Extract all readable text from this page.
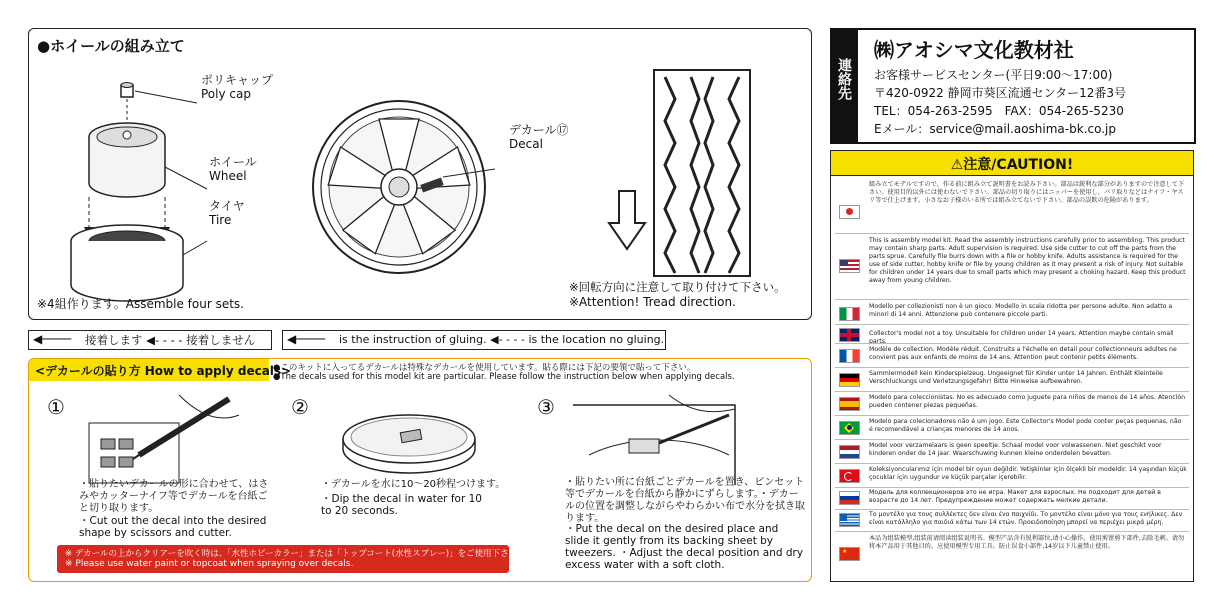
●ホイールの組み立て
ポリキャップ
Poly cap
ホイール
Wheel
タイヤ
Tire
デカール⑰
Decal
※4組作ります。Assemble four sets.
※回転方向に注意して取り付けて下さい。
※Attention! Tread direction.
◀──── 接着します ◀- - - - 接着しません	◀──── is the instruction of gluing. ◀- - - - is the location no gluing.
<デカールの貼り方 How to apply decals>
●このキットに入ってるデカールは特殊なデカールを使用しています。貼る際には下記の要領で貼って下さい。
●The decals used for this model kit are particular. Please follow the instruction below when applying decals.
①
・貼りたいデカールの形に合わせて、はさみやカッターナイフ等でデカールを台紙ごと切り取ります。
・Cut out the decal into the desired shape by scissors and cutter.
②
・デカールを水に10〜20秒程つけます。
・Dip the decal in water for 10 to 20 seconds.
③
・貼りたい所に台紙ごとデカールを置き、ピンセット等でデカールを台紙から静かにずらします。・デカールの位置を調整しながらやわらかい布で水分を拭き取ります。
・Put the decal on the desired place and slide it gently from its backing sheet by tweezers. ・Adjust the decal position and dry excess water with a soft cloth.
※ デカールの上からクリアーを吹く時は、「水性ホビーカラー」または「トップコート(水性スプレー)」をご使用下さい。
※ Please use water paint or topcoat when spraying over decals.
連絡先
㈱アオシマ文化教材社
お客様サービスセンター(平日9:00〜17:00)
〒420-0922 静岡市葵区流通センター12番3号
TEL：054-263-2595　FAX：054-265-5230
Eメール：service@mail.aoshima-bk.co.jp
⚠注意/CAUTION!
組み立てモデルですので、作る前に組み立て説明書をお読み下さい。部品は鋭利な部分がありますので注意して下さい。使用目的以外には使わないで下さい。部品の切り取りにはニッパーを使用し、パリ取りなどはナイフ・ヤスリ等で仕上げます。小さなお子様のいる所では組み立てないで下さい。部品の誤飲の危険があります。
This is assembly model kit. Read the assembly instructions carefully prior to assembling. This product may contain sharp parts. Adult supervision is required. Use side cutter to cut off the parts from the parts sprue. Carefully file burrs down with a file or hobby knife. Adults assistance is required for the use of side cutter, hobby knife or file by young children as it may present a risk of injury. Not suitable for children under 14 years due to small parts which may present a choking hazard. Keep this product away from young children.
Modello per collezionisti non è un gioco. Modello in scala ridotta per persone adulte. Non adatto a minori di 14 anni. Attenzione può contenere piccole parti.
Collector's model not a toy. Unsuitable for children under 14 years. Attention maybe contain small parts.
Modèle de collection. Modèle réduit. Construits a l'échelle en detail pour collectionneurs adultes ne convient pas aux enfants de moins de 14 ans. Attention peut contenir petits éléments.
Sammlermodell kein Kinderspielzeug. Ungeeignet für Kinder unter 14 Jahren. Enthält Kleinteile Verschluckungs und Verletzungsgefahr! Bitte Hinweise aufbewahren.
Modelo para coleccionistas. No es adecuado como juguete para niños de menos de 14 años. Atención pueden contener piezas pequeñas.
Modelo para colecionadores não é um jogo. Este Collector's Model pode conter peças pequenas, não é recomendável a crianças menores de 14 anos.
Model voor verzamelaars is geen speeltje. Schaal model voor volwassenen. Niet geschikt voor kinderen onder de 14 jaar. Waarschuwing kunnen kleine onderdelen bevatten.
Koleksiyoncularımız için model bir oyun değildir. Yetişkinler için ölçekli bir modeldir. 14 yaşından küçük çocuklar için uygundur ve küçük parçalar içerebilir.
Модель для коллекционеров это не игра. Макет для взрослых. Не подходит для детей в возрасте до 14 лет. Предупреждение может содержать мелкие детали.
Το μοντέλο για τους συλλέκτες δεν είναι ένα παιχνίδι. Το μοντέλο είναι μόνο για τους ενήλικες. Δεν είναι κατάλληλο για παιδιά κάτω των 14 ετών. Προειδοποίηση μπορεί να περιέχει μικρά μέρη.
★
本品为组装模型,组装前请阅读组装说明书。模型产品含有锐利部位,请小心操作。使用剪钳剪下部件,去除毛刺。请勿将本产品用于其他目的。应使用模型专用工具。防止误食小部件,14岁以下儿童禁止使用。
